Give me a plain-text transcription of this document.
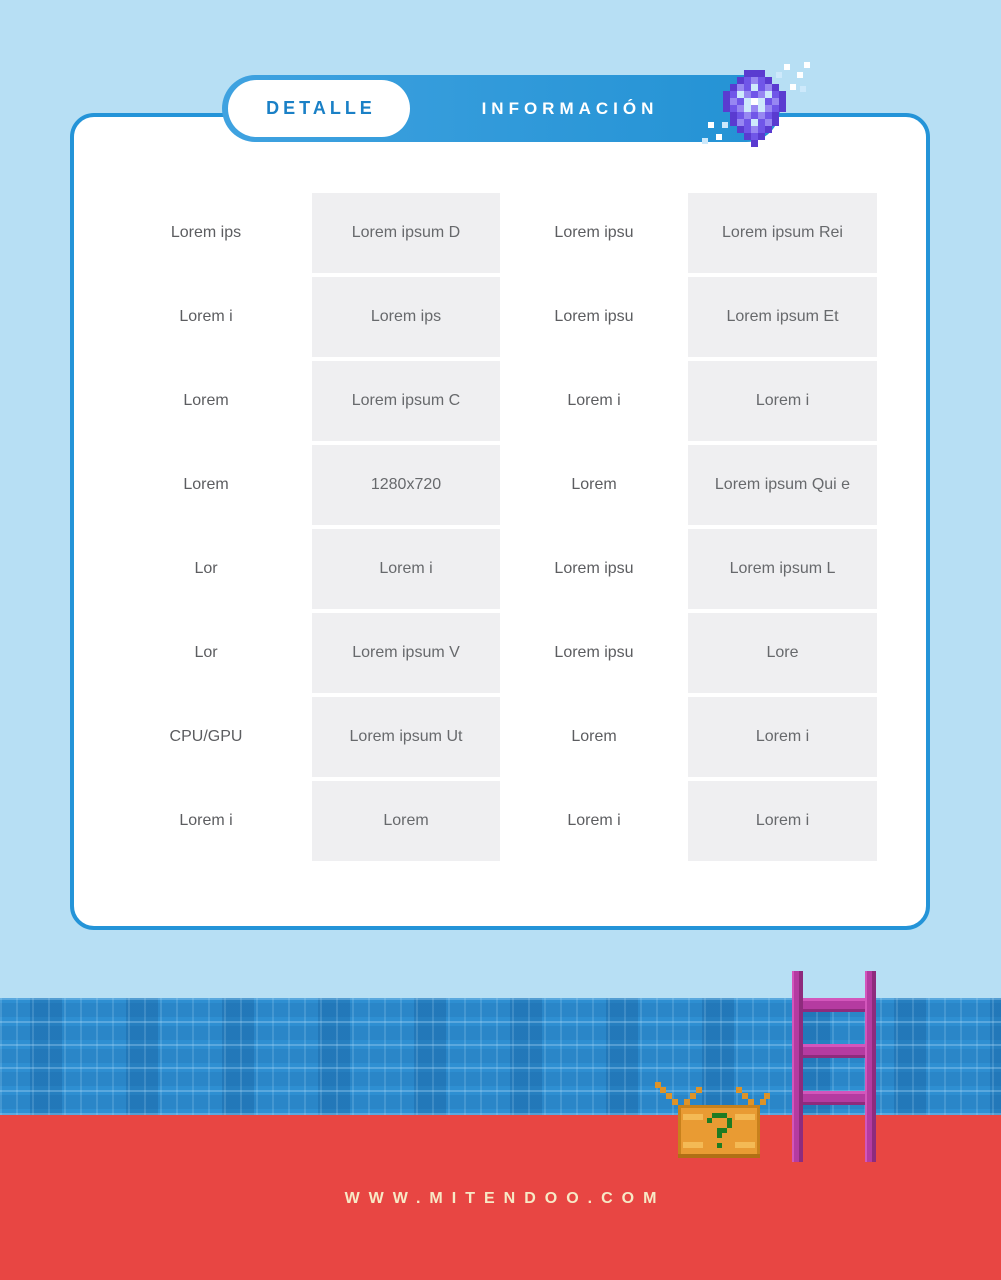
DETALLE	INFORMACIÓN
Lorem ips
Lorem i
Lorem
Lorem
Lor
Lor
CPU/GPU
Lorem i
Lorem ipsum D
Lorem ips
Lorem ipsum C
1280x720
Lorem i
Lorem ipsum V
Lorem ipsum Ut
Lorem
Lorem ipsu
Lorem ipsu
Lorem i
Lorem
Lorem ipsu
Lorem ipsu
Lorem
Lorem i
Lorem ipsum Rei
Lorem ipsum Et
Lorem i
Lorem ipsum Qui e
Lorem ipsum L
Lore
Lorem i
Lorem i
WWW.MITENDOO.COM
